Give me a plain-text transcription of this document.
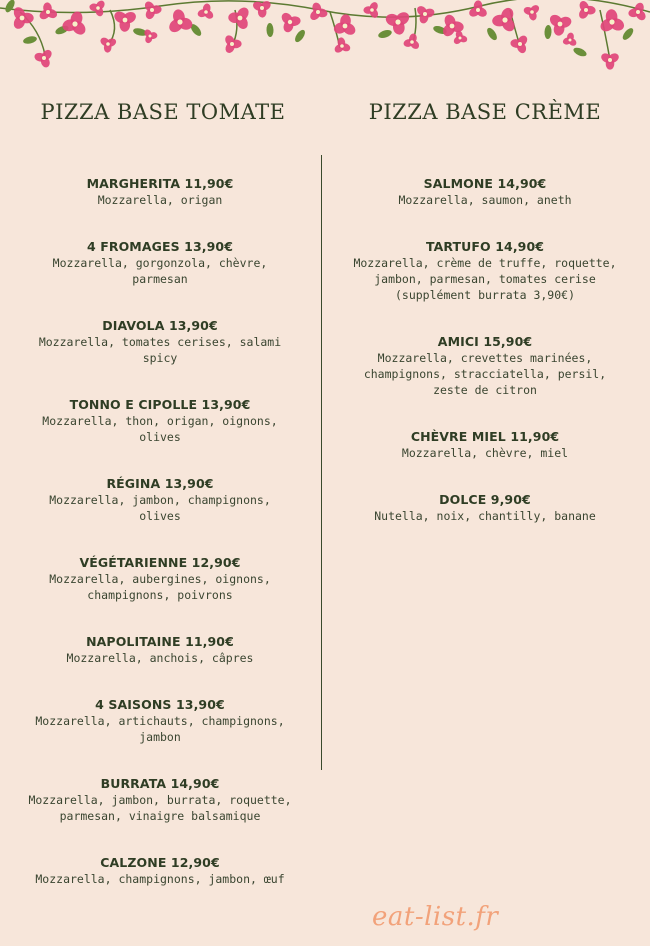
PIZZA BASE TOMATE	PIZZA BASE CRÈME
MARGHERITA 11,90€
Mozzarella, origan
4 FROMAGES 13,90€
Mozzarella, gorgonzola, chèvre,
parmesan
DIAVOLA 13,90€
Mozzarella, tomates cerises, salami
spicy
TONNO E CIPOLLE 13,90€
Mozzarella, thon, origan, oignons,
olives
RÉGINA 13,90€
Mozzarella, jambon, champignons,
olives
VÉGÉTARIENNE 12,90€
Mozzarella, aubergines, oignons,
champignons, poivrons
NAPOLITAINE 11,90€
Mozzarella, anchois, câpres
4 SAISONS 13,90€
Mozzarella, artichauts, champignons,
jambon
BURRATA 14,90€
Mozzarella, jambon, burrata, roquette,
parmesan, vinaigre balsamique
CALZONE 12,90€
Mozzarella, champignons, jambon, œuf
SALMONE 14,90€
Mozzarella, saumon, aneth
TARTUFO 14,90€
Mozzarella, crème de truffe, roquette,
jambon, parmesan, tomates cerise
(supplément burrata 3,90€)
AMICI 15,90€
Mozzarella, crevettes marinées,
champignons, stracciatella, persil,
zeste de citron
CHÈVRE MIEL 11,90€
Mozzarella, chèvre, miel
DOLCE 9,90€
Nutella, noix, chantilly, banane
eat-list.fr
